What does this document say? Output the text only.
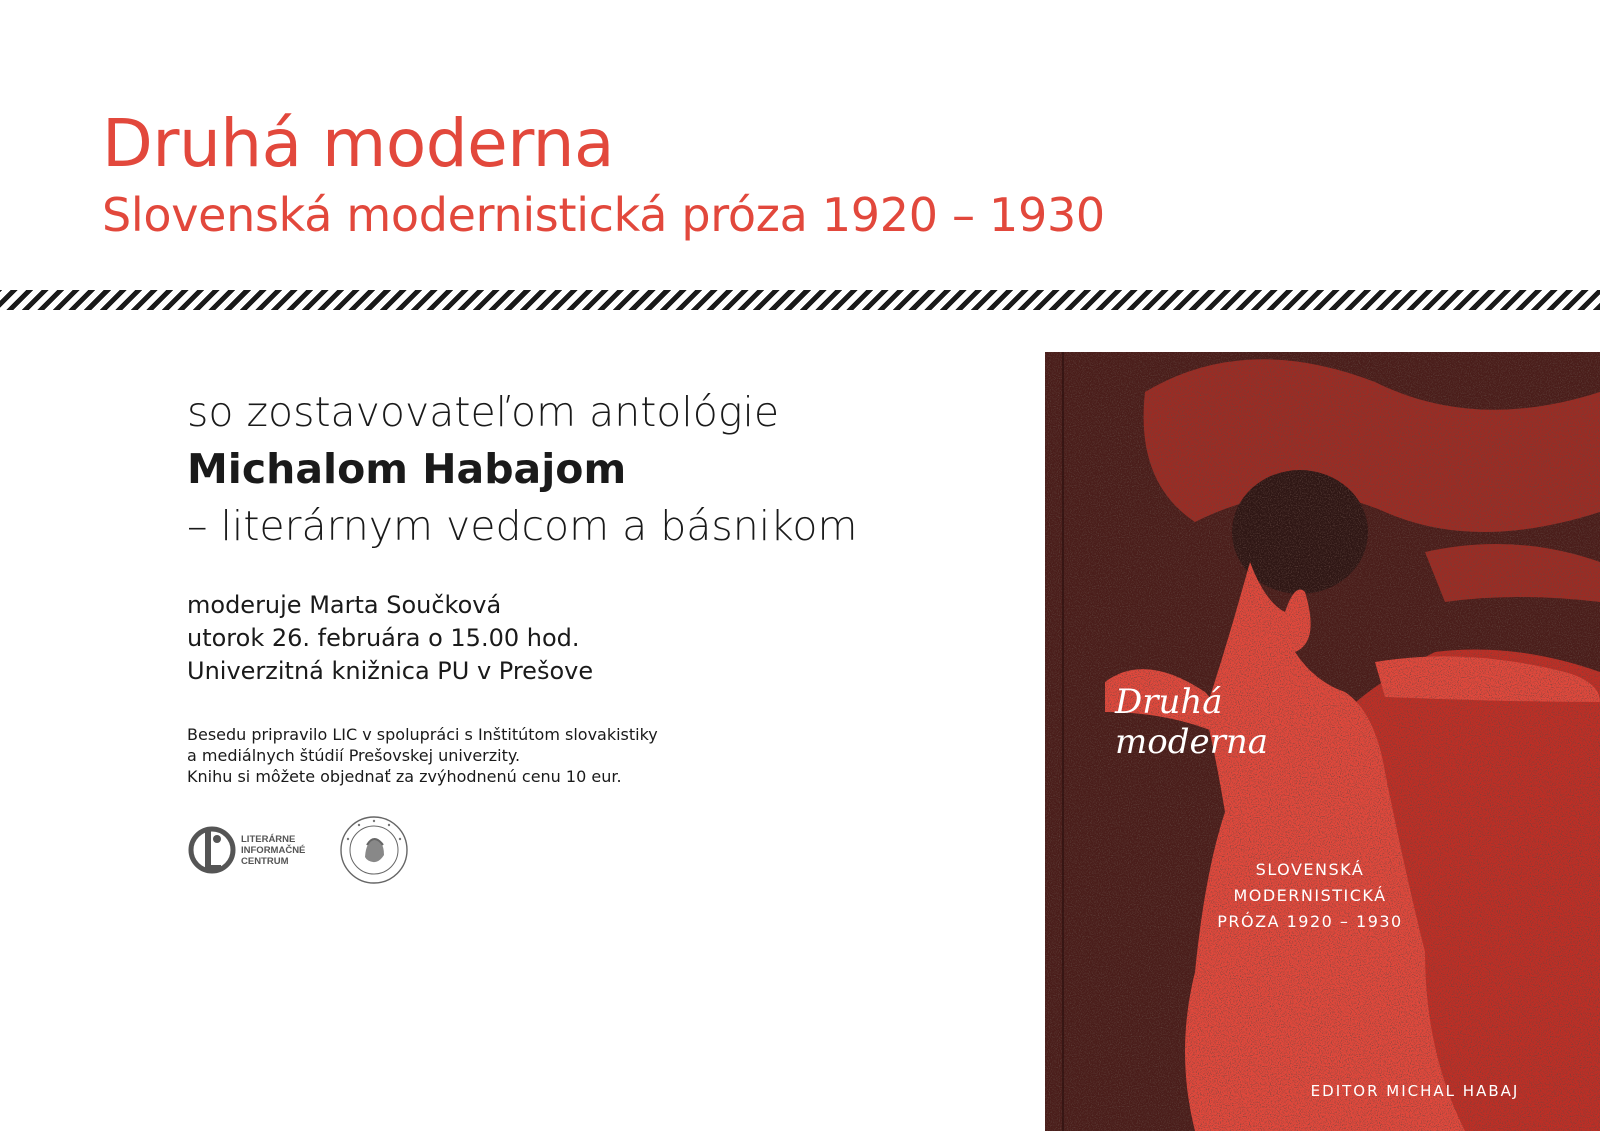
Druhá moderna
Slovenská modernistická próza 1920 – 1930

so zostavovateľom antológie

Michalom Habajom

– literárnym vedcom a básnikom

moderuje Marta Součková

utorok 26. februára o 15.00 hod.

Univerzitná knižnica PU v Prešove

Besedu pripravilo LIC v spolupráci s Inštitútom slovakistiky

a mediálnych štúdií Prešovskej univerzity.

Knihu si môžete objednať za zvýhodnenú cenu 10 eur.

LITERÁRNE
INFORMAČNÉ
CENTRUM
Druhá moderna
SLOVENSKÁ
MODERNISTICKÁ
PRÓZA 1920 – 1930
EDITOR MICHAL HABAJ
